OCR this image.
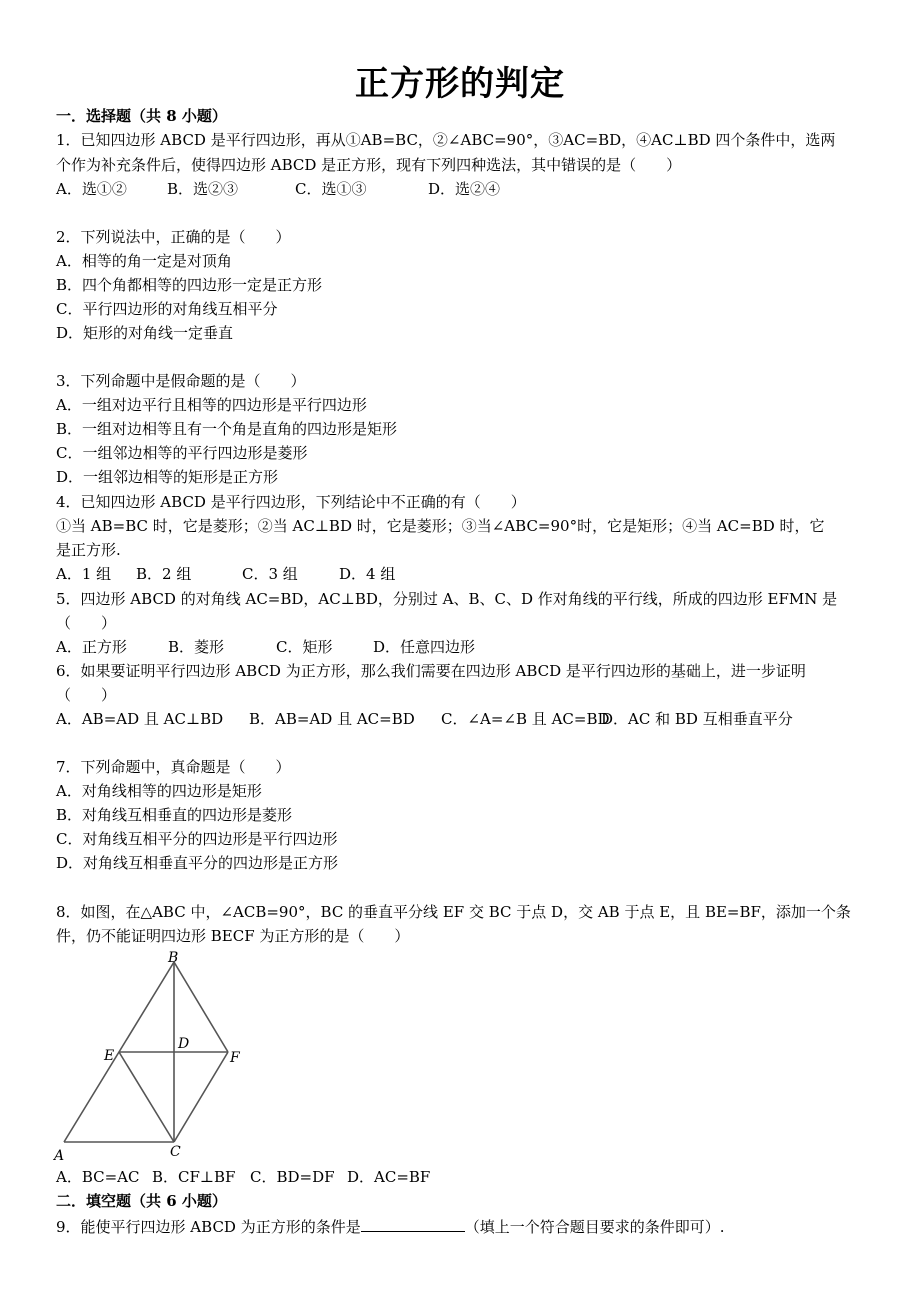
正方形的判定
一．选择题（共 8 小题）
1．已知四边形 ABCD 是平行四边形，再从①AB=BC，②∠ABC=90°，③AC=BD，④AC⊥BD 四个条件中，选两
个作为补充条件后，使得四边形 ABCD 是正方形，现有下列四种选法，其中错误的是（　　）
A．选①②	B．选②③	C．选①③	D．选②④
2．下列说法中，正确的是（　　）
A．相等的角一定是对顶角
B．四个角都相等的四边形一定是正方形
C．平行四边形的对角线互相平分
D．矩形的对角线一定垂直
3．下列命题中是假命题的是（　　）
A．一组对边平行且相等的四边形是平行四边形
B．一组对边相等且有一个角是直角的四边形是矩形
C．一组邻边相等的平行四边形是菱形
D．一组邻边相等的矩形是正方形
4．已知四边形 ABCD 是平行四边形，下列结论中不正确的有（　　）
①当 AB=BC 时，它是菱形；②当 AC⊥BD 时，它是菱形；③当∠ABC=90°时，它是矩形；④当 AC=BD 时，它
是正方形.
A．1 组 B．2 组	C．3 组	D．4 组
5．四边形 ABCD 的对角线 AC=BD，AC⊥BD，分别过 A、B、C、D 作对角线的平行线，所成的四边形 EFMN 是
（　　）
A．正方形	B．菱形	C．矩形	D．任意四边形
6．如果要证明平行四边形 ABCD 为正方形，那么我们需要在四边形 ABCD 是平行四边形的基础上，进一步证明
（　　）
A．AB=AD 且 AC⊥BD B．AB=AD 且 AC=BD C．∠A=∠B 且 AC=BDD．AC 和 BD 互相垂直平分
7．下列命题中，真命题是（　　）
A．对角线相等的四边形是矩形
B．对角线互相垂直的四边形是菱形
C．对角线互相平分的四边形是平行四边形
D．对角线互相垂直平分的四边形是正方形
8．如图，在△ABC 中，∠ACB=90°，BC 的垂直平分线 EF 交 BC 于点 D，交 AB 于点 E，且 BE=BF，添加一个条
件，仍不能证明四边形 BECF 为正方形的是（　　）
B
A	C
D
E	F
A．BC=AC B．CF⊥BF C．BD=DF D．AC=BF
二．填空题（共 6 小题）
9．能使平行四边形 ABCD 为正方形的条件是	（填上一个符合题目要求的条件即可）.
